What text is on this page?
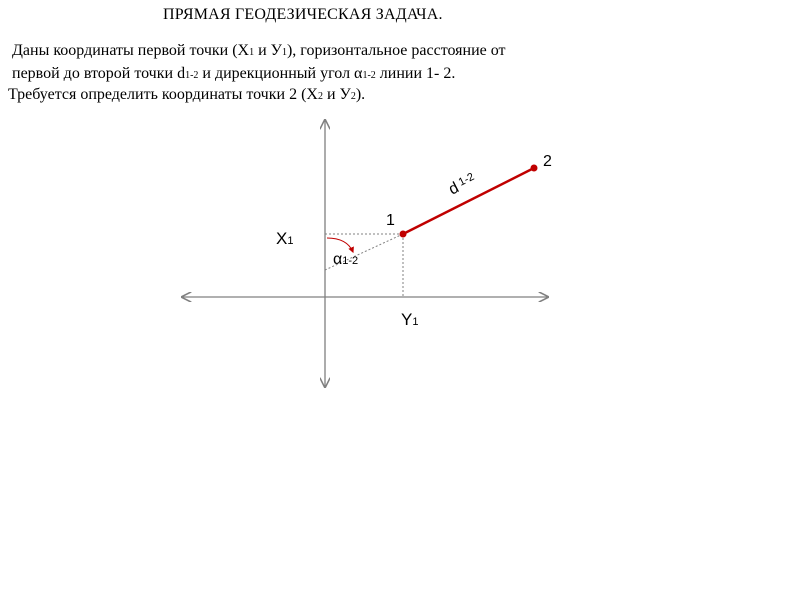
ПРЯМАЯ ГЕОДЕЗИЧЕСКАЯ ЗАДАЧА.
Даны координаты первой точки (Х1 и У1), горизонтальное расстояние от
первой до второй точки d1-2 и дирекционный угол α1-2 линии 1- 2.
Требуется определить координаты точки 2 (Х2 и У2).
1
2
X1
Y1
$d^{1-2}$
α1-2
